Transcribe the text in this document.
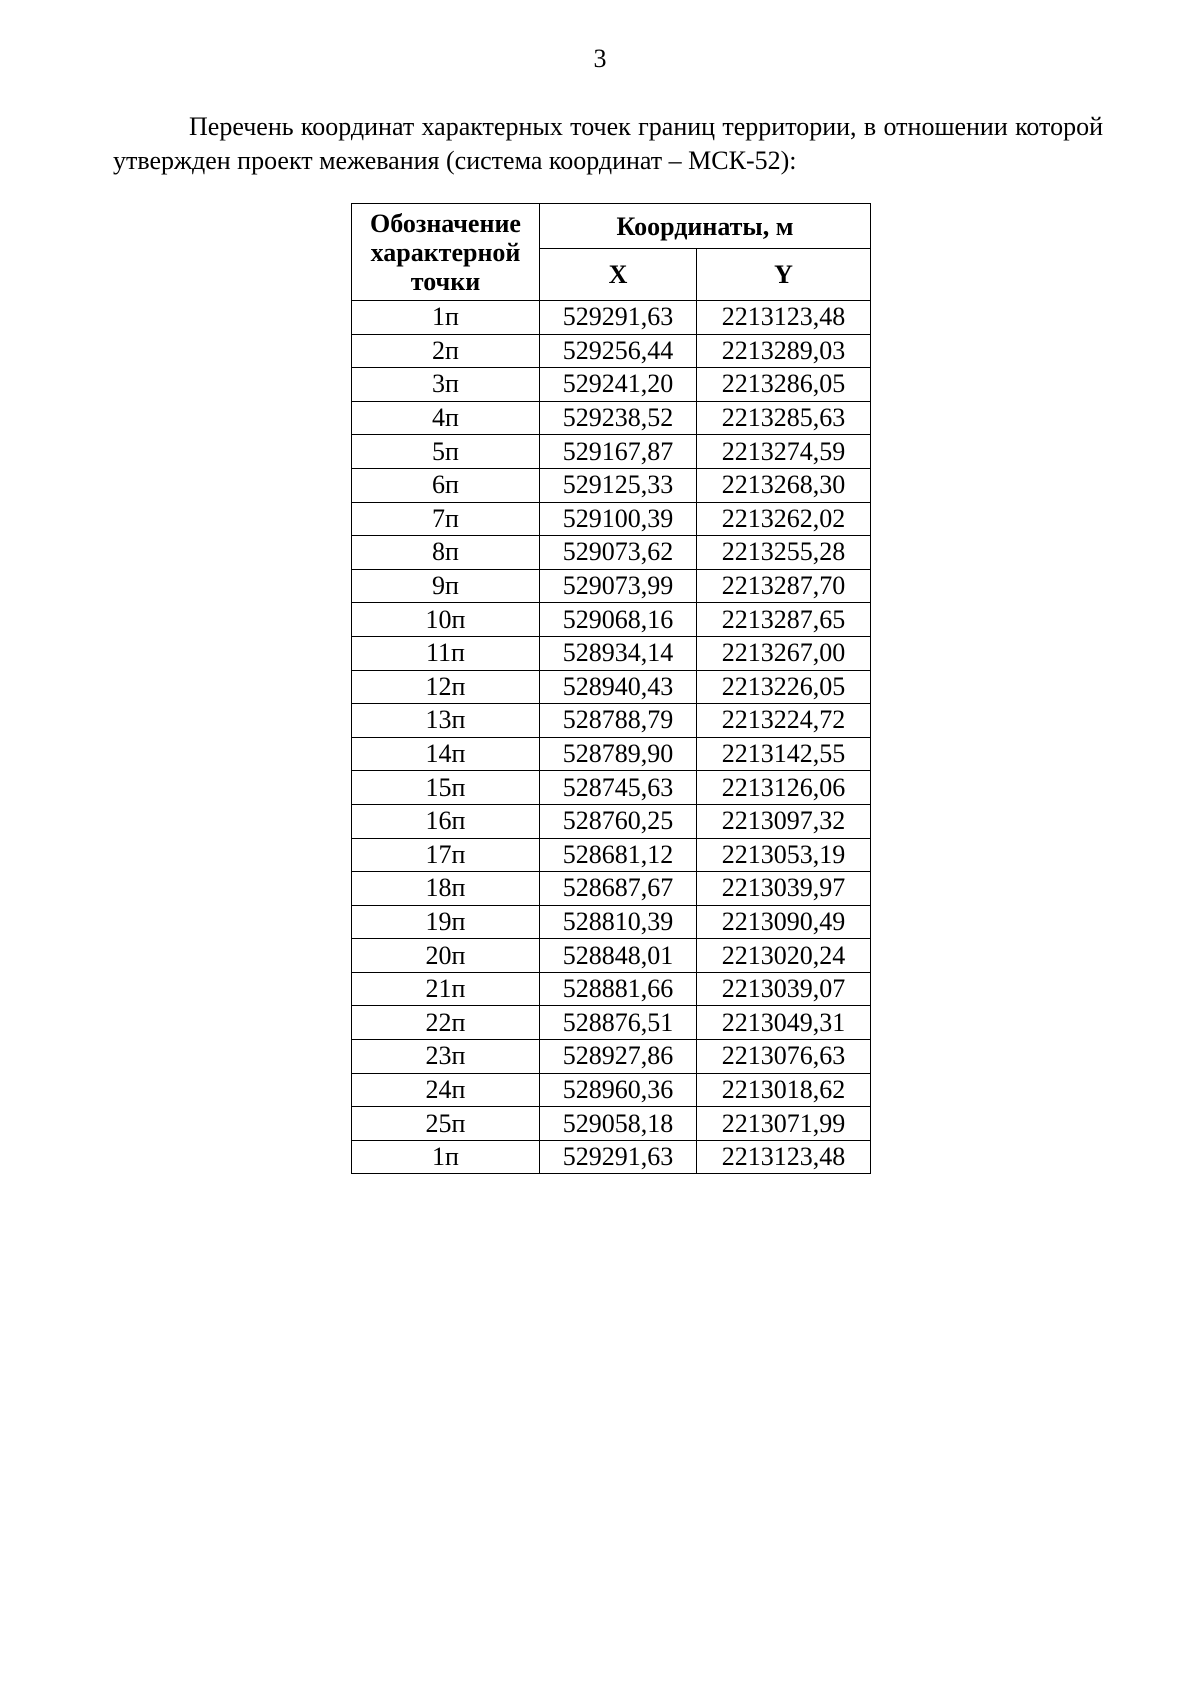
3

Перечень координат характерных точек границ территории, в отношении которой утвержден проект межевания (система координат – МСК-52):

Обозначение характерной точки	Координаты, м	
	X	Y
1п	529291,63	2213123,48
2п	529256,44	2213289,03
3п	529241,20	2213286,05
4п	529238,52	2213285,63
5п	529167,87	2213274,59
6п	529125,33	2213268,30
7п	529100,39	2213262,02
8п	529073,62	2213255,28
9п	529073,99	2213287,70
10п	529068,16	2213287,65
11п	528934,14	2213267,00
12п	528940,43	2213226,05
13п	528788,79	2213224,72
14п	528789,90	2213142,55
15п	528745,63	2213126,06
16п	528760,25	2213097,32
17п	528681,12	2213053,19
18п	528687,67	2213039,97
19п	528810,39	2213090,49
20п	528848,01	2213020,24
21п	528881,66	2213039,07
22п	528876,51	2213049,31
23п	528927,86	2213076,63
24п	528960,36	2213018,62
25п	529058,18	2213071,99
1п	529291,63	2213123,48
